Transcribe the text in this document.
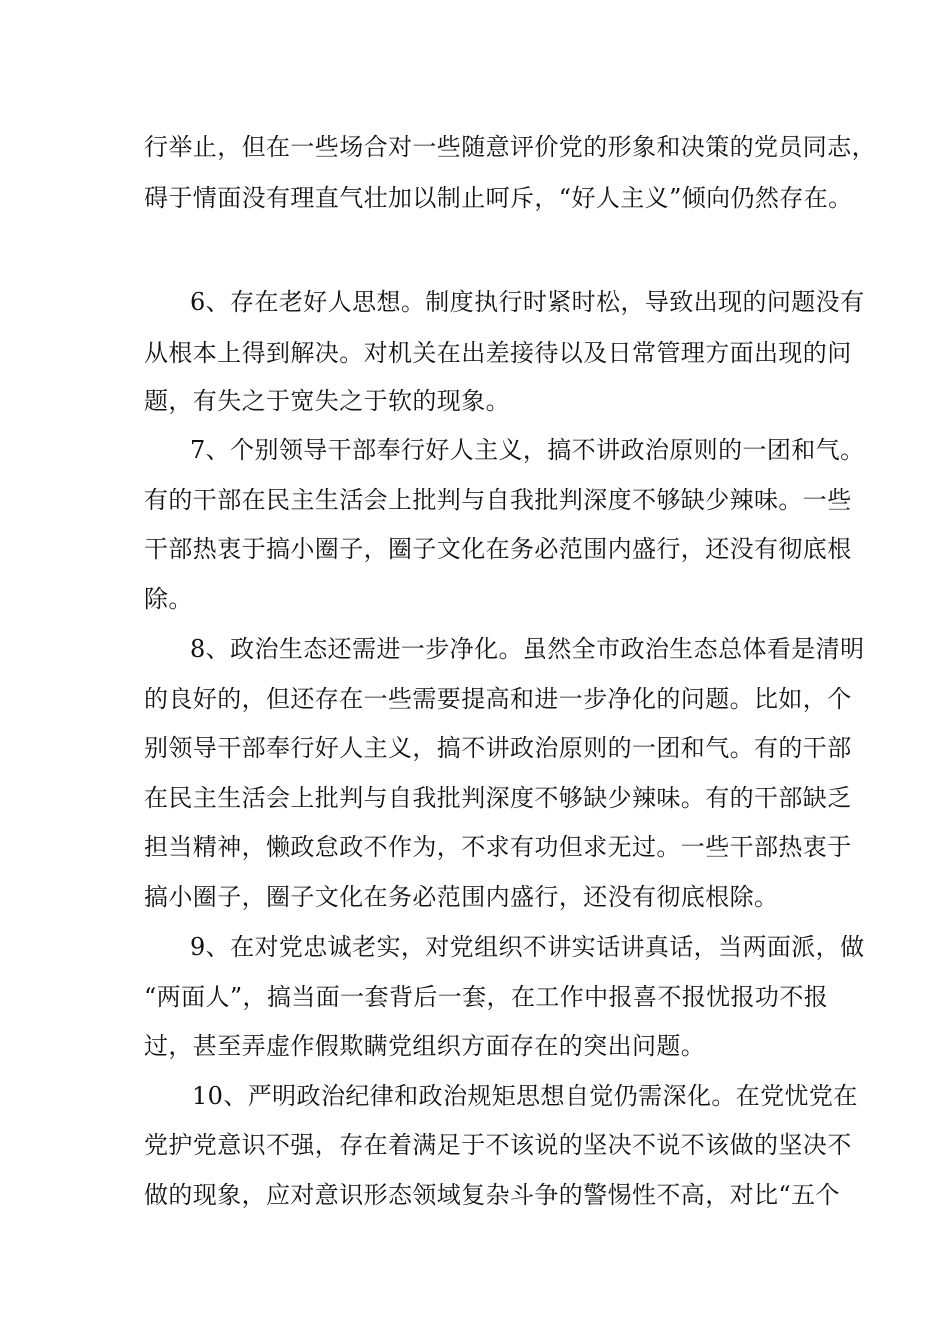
行举止，但在一些场合对一些随意评价党的形象和决策的党员同志，
碍于情面没有理直气壮加以制止呵斥，“好人主义”倾向仍然存在。
6、存在老好人思想。制度执行时紧时松，导致出现的问题没有
从根本上得到解决。对机关在出差接待以及日常管理方面出现的问
题，有失之于宽失之于软的现象。
7、个别领导干部奉行好人主义，搞不讲政治原则的一团和气。
有的干部在民主生活会上批判与自我批判深度不够缺少辣味。一些
干部热衷于搞小圈子，圈子文化在务必范围内盛行，还没有彻底根
除。
8、政治生态还需进一步净化。虽然全市政治生态总体看是清明
的良好的，但还存在一些需要提高和进一步净化的问题。比如，个
别领导干部奉行好人主义，搞不讲政治原则的一团和气。有的干部
在民主生活会上批判与自我批判深度不够缺少辣味。有的干部缺乏
担当精神，懒政怠政不作为，不求有功但求无过。一些干部热衷于
搞小圈子，圈子文化在务必范围内盛行，还没有彻底根除。
9、在对党忠诚老实，对党组织不讲实话讲真话，当两面派，做
“两面人”，搞当面一套背后一套，在工作中报喜不报忧报功不报
过，甚至弄虚作假欺瞒党组织方面存在的突出问题。
10、严明政治纪律和政治规矩思想自觉仍需深化。在党忧党在
党护党意识不强，存在着满足于不该说的坚决不说不该做的坚决不
做的现象，应对意识形态领域复杂斗争的警惕性不高，对比“五个
